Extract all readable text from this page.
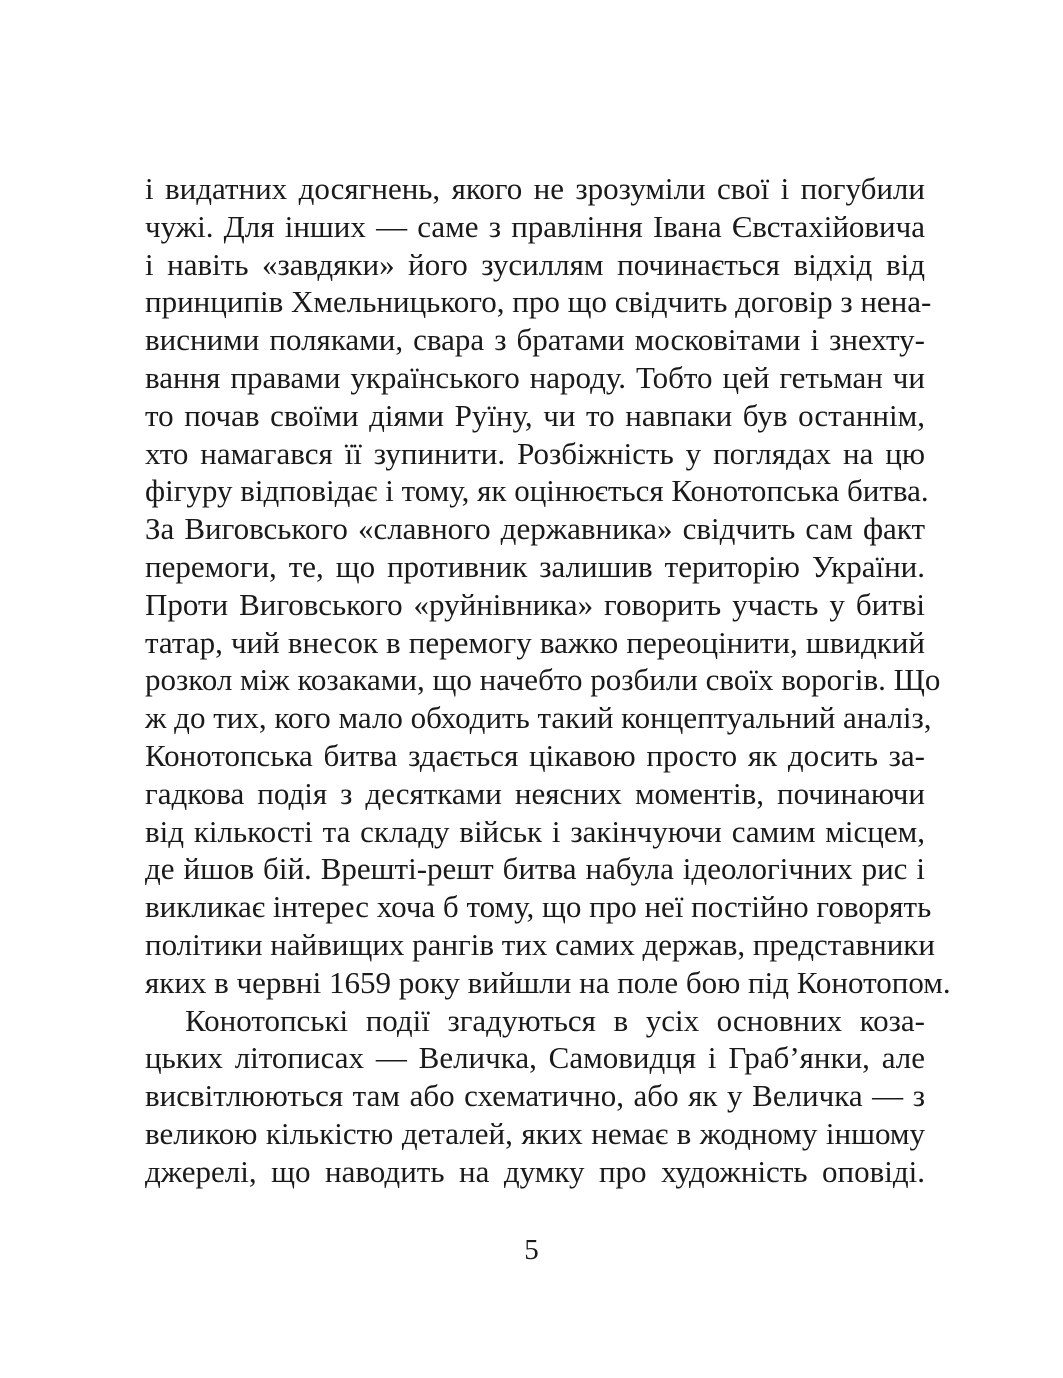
і видатних досягнень, якого не зрозуміли свої і погубили
чужі. Для інших — саме з правління Івана Євстахійовича
і навіть «завдяки» його зусиллям починається відхід від
принципів Хмельницького, про що свідчить договір з нена-
висними поляками, свара з братами московітами і знехту-
вання правами українського народу. Тобто цей гетьман чи
то почав своїми діями Руїну, чи то навпаки був останнім,
хто намагався її зупинити. Розбіжність у поглядах на цю
фігуру відповідає і тому, як оцінюється Конотопська битва.
За Виговського «славного державника» свідчить сам факт
перемоги, те, що противник залишив територію України.
Проти Виговського «руйнівника» говорить участь у битві
татар, чий внесок в перемогу важко переоцінити, швидкий
розкол між козаками, що начебто розбили своїх ворогів. Що
ж до тих, кого мало обходить такий концептуальний аналіз,
Конотопська битва здається цікавою просто як досить за-
гадкова подія з десятками неясних моментів, починаючи
від кількості та складу військ і закінчуючи самим місцем,
де йшов бій. Врешті-решт битва набула ідеологічних рис і
викликає інтерес хоча б тому, що про неї постійно говорять
політики найвищих рангів тих самих держав, представники
яких в червні 1659 року вийшли на поле бою під Конотопом.
Конотопські події згадуються в усіх основних коза-
цьких літописах — Величка, Самовидця і Граб’янки, але
висвітлюються там або схематично, або як у Величка — з
великою кількістю деталей, яких немає в жодному іншому
джерелі, що наводить на думку про художність оповіді.
5
